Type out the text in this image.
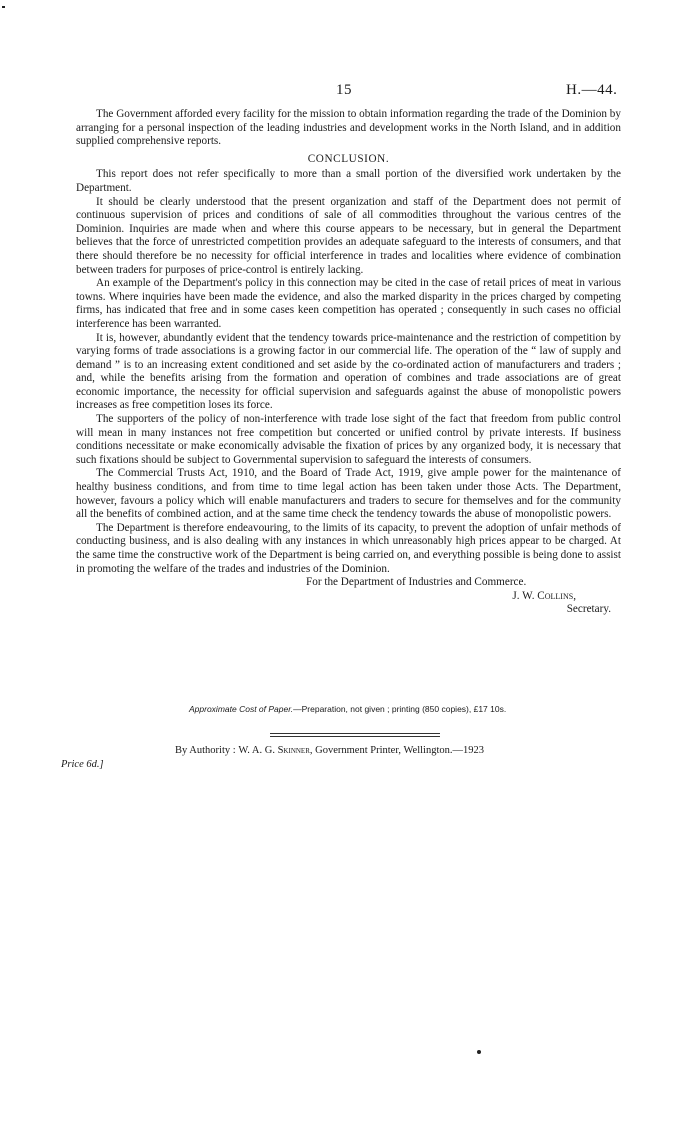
15	H.—44.

The Government afforded every facility for the mission to obtain information regarding the trade of the Dominion by arranging for a personal inspection of the leading industries and development works in the North Island, and in addition supplied comprehensive reports.

CONCLUSION.

This report does not refer specifically to more than a small portion of the diversified work undertaken by the Department.

It should be clearly understood that the present organization and staff of the Department does not permit of continuous supervision of prices and conditions of sale of all commodities throughout the various centres of the Dominion. Inquiries are made when and where this course appears to be necessary, but in general the Department believes that the force of unrestricted competition provides an adequate safeguard to the interests of consumers, and that there should therefore be no necessity for official interference in trades and localities where evidence of combination between traders for purposes of price-control is entirely lacking.

An example of the Department's policy in this connection may be cited in the case of retail prices of meat in various towns. Where inquiries have been made the evidence, and also the marked disparity in the prices charged by competing firms, has indicated that free and in some cases keen competition has operated ; consequently in such cases no official interference has been warranted.

It is, however, abundantly evident that the tendency towards price-maintenance and the restriction of competition by varying forms of trade associations is a growing factor in our commercial life. The operation of the “ law of supply and demand ” is to an increasing extent conditioned and set aside by the co-ordinated action of manufacturers and traders ; and, while the benefits arising from the formation and operation of combines and trade associations are of great economic importance, the necessity for official supervision and safeguards against the abuse of monopolistic powers increases as free competition loses its force.

The supporters of the policy of non-interference with trade lose sight of the fact that freedom from public control will mean in many instances not free competition but concerted or unified control by private interests. If business conditions necessitate or make economically advisable the fixation of prices by any organized body, it is necessary that such fixations should be subject to Governmental supervision to safeguard the interests of consumers.

The Commercial Trusts Act, 1910, and the Board of Trade Act, 1919, give ample power for the maintenance of healthy business conditions, and from time to time legal action has been taken under those Acts. The Department, however, favours a policy which will enable manufacturers and traders to secure for themselves and for the community all the benefits of combined action, and at the same time check the tendency towards the abuse of monopolistic powers.

The Department is therefore endeavouring, to the limits of its capacity, to prevent the adoption of unfair methods of conducting business, and is also dealing with any instances in which unreasonably high prices appear to be charged. At the same time the constructive work of the Department is being carried on, and everything possible is being done to assist in promoting the welfare of the trades and industries of the Dominion.

For the Department of Industries and Commerce.

J. W. Collins,

Secretary.

Approximate Cost of Paper.—Preparation, not given ; printing (850 copies), £17 10s.
By Authority : W. A. G. Skinner, Government Printer, Wellington.—1923
Price 6d.]
